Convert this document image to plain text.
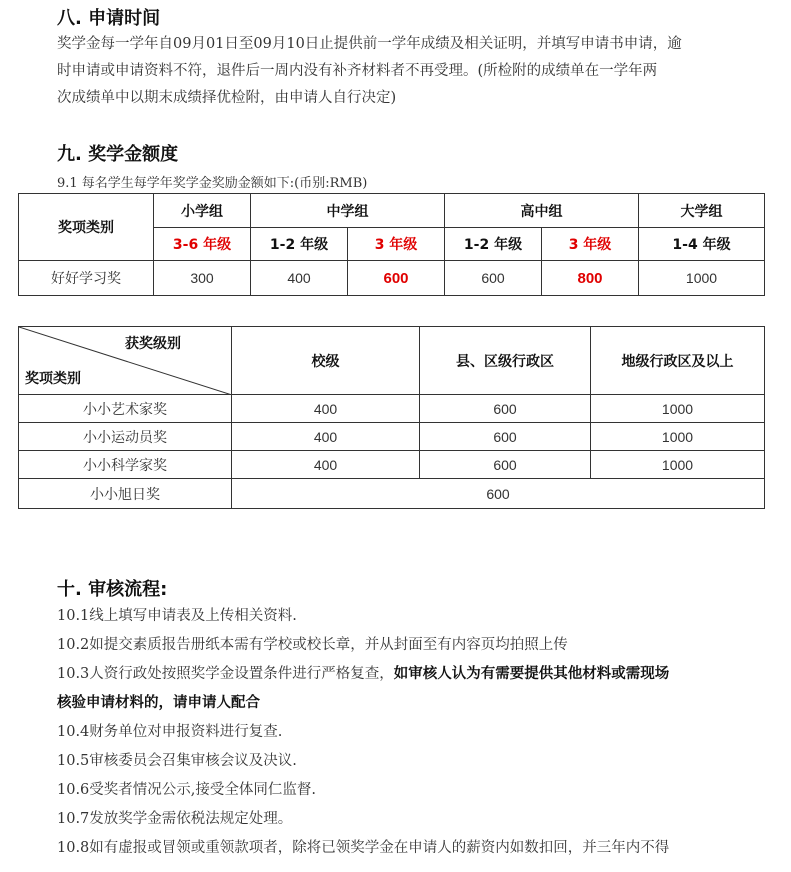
八. 申请时间
奖学金每一学年自09月01日至09月10日止提供前一学年成绩及相关证明，并填写申请书申请，逾
时申请或申请资料不符，退件后一周内没有补齐材料者不再受理。(所检附的成绩单在一学年两
次成绩单中以期末成绩择优检附，由申请人自行决定)
九. 奖学金额度
9.1 每名学生每学年奖学金奖励金额如下:(币别:RMB)
奖项类别	小学组	中学组		高中组		大学组
	3-6 年级	1-2 年级	3 年级	1-2 年级	3 年级	1-4 年级
好好学习奖	300	400	600	600	800	1000
获奖级别
奖项类别	校级	县、区级行政区	地级行政区及以上
小小艺术家奖	400	600	1000
小小运动员奖	400	600	1000
小小科学家奖	400	600	1000
小小旭日奖	600		
十. 审核流程:
10.1线上填写申请表及上传相关资料.
10.2如提交素质报告册纸本需有学校或校长章，并从封面至有内容页均拍照上传
10.3人资行政处按照奖学金设置条件进行严格复查，如审核人认为有需要提供其他材料或需现场
核验申请材料的，请申请人配合
10.4财务单位对申报资料进行复查.
10.5审核委员会召集审核会议及决议.
10.6受奖者情况公示,接受全体同仁监督.
10.7发放奖学金需依税法规定处理。
10.8如有虚报或冒领或重领款项者，除将已领奖学金在申请人的薪资内如数扣回，并三年内不得
